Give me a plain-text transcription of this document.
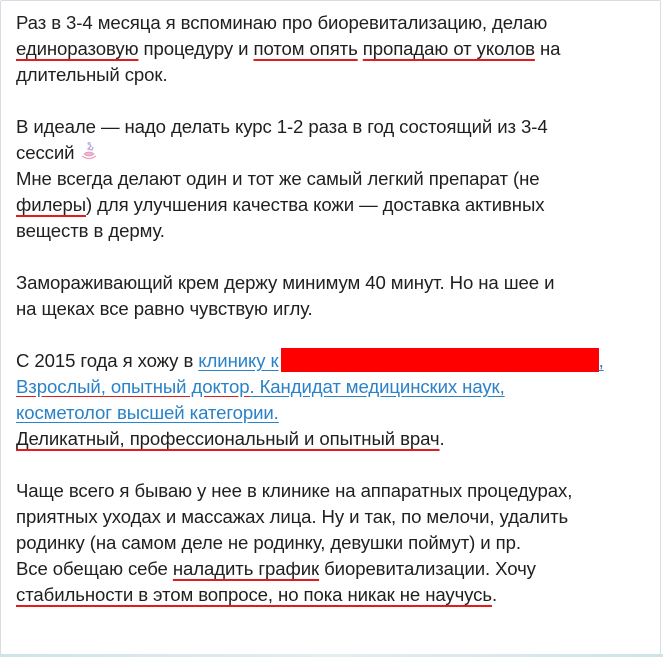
Раз в 3-4 месяца я вспоминаю про биоревитализацию, делаю
единоразовую процедуру и потом опять пропадаю от уколов на
длительный срок.
В идеале — надо делать курс 1-2 раза в год состоящий из 3-4
сессий
Мне всегда делают один и тот же самый легкий препарат (не
филеры) для улучшения качества кожи — доставка активных
веществ в дерму.
Замораживающий крем держу минимум 40 минут. Но на шее и
на щеках все равно чувствую иглу.
С 2015 года я хожу в клинику к	,
Взрослый, опытный доктор. Кандидат медицинских наук,
косметолог высшей категории.
Деликатный, профессиональный и опытный врач.
Чаще всего я бываю у нее в клинике на аппаратных процедурах,
приятных уходах и массажах лица. Ну и так, по мелочи, удалить
родинку (на самом деле не родинку, девушки поймут) и пр.
Все обещаю себе наладить график биоревитализации. Хочу
стабильности в этом вопросе, но пока никак не научусь.
